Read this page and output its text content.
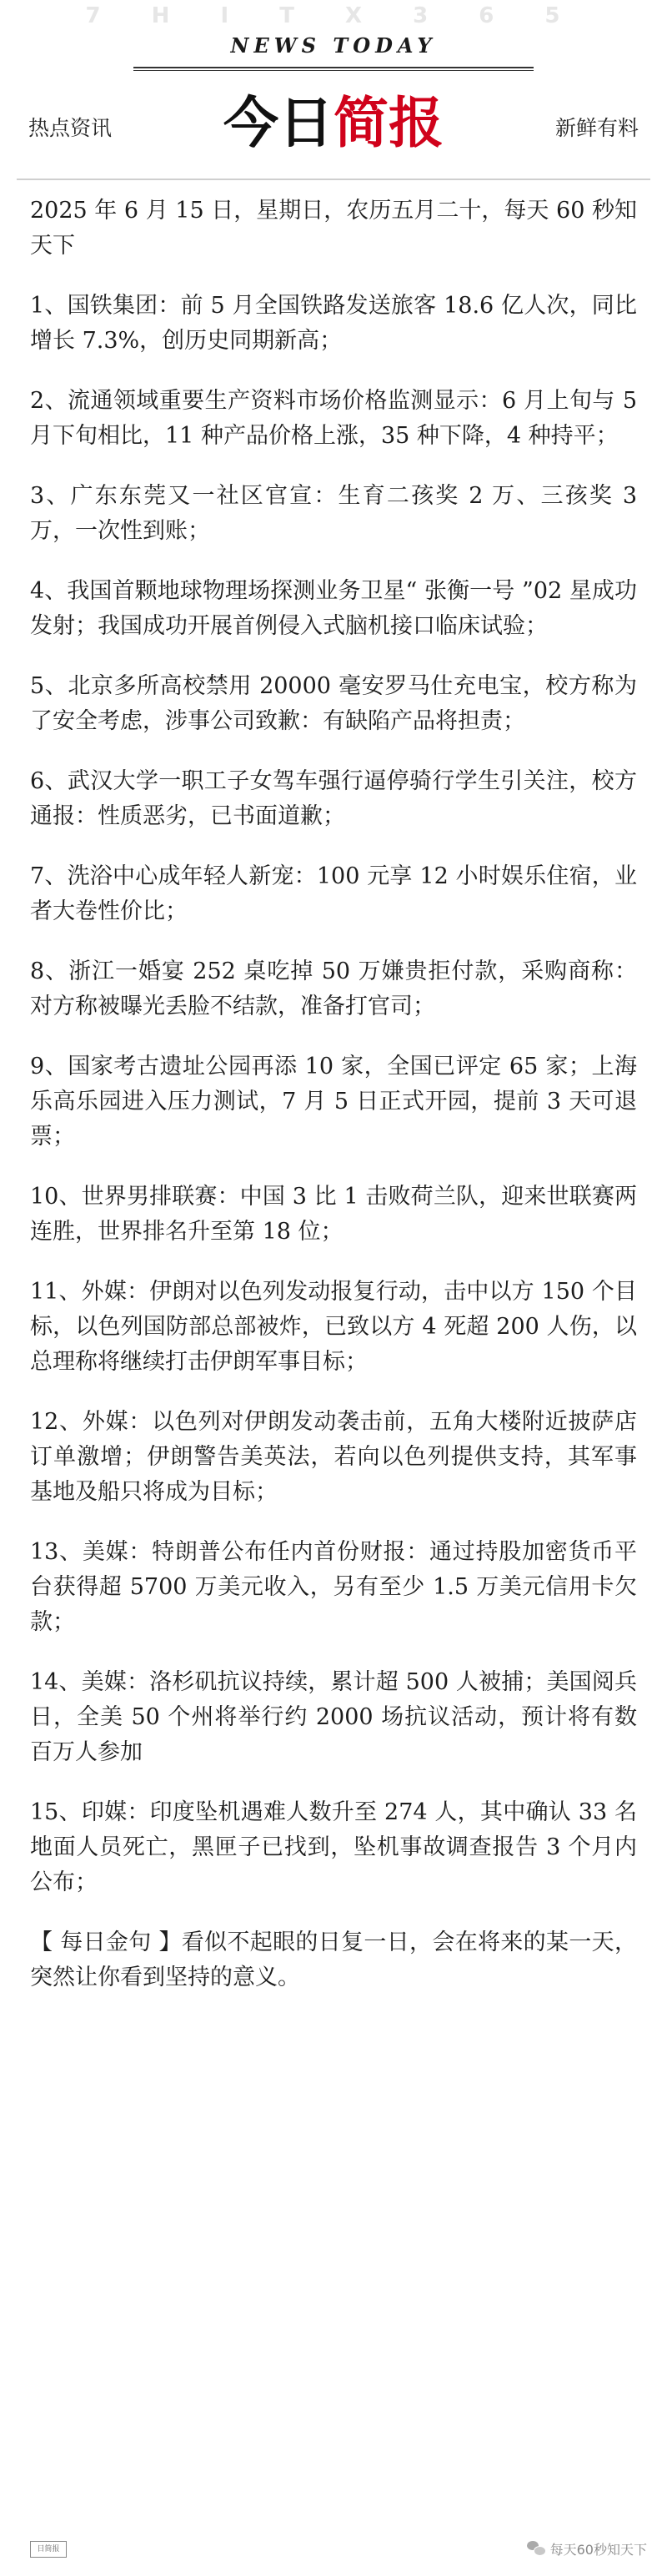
7 H I T X 3 6 5
NEWS TODAY
热点资讯	今日简报	新鲜有料

2025 年 6 月 15 日，星期日，农历五月二十，每天 60 秒知天下

1、国铁集团：前 5 月全国铁路发送旅客 18.6 亿人次，同比增长 7.3%，创历史同期新高；

2、流通领域重要生产资料市场价格监测显示：6 月上旬与 5 月下旬相比，11 种产品价格上涨，35 种下降，4 种持平；

3、广东东莞又一社区官宣：生育二孩奖 2 万、三孩奖 3 万，一次性到账；

4、我国首颗地球物理场探测业务卫星“ 张衡一号 ”02 星成功发射；我国成功开展首例侵入式脑机接口临床试验；

5、北京多所高校禁用 20000 毫安罗马仕充电宝，校方称为了安全考虑，涉事公司致歉：有缺陷产品将担责；

6、武汉大学一职工子女驾车强行逼停骑行学生引关注，校方通报：性质恶劣，已书面道歉；

7、洗浴中心成年轻人新宠：100 元享 12 小时娱乐住宿，业者大卷性价比；

8、浙江一婚宴 252 桌吃掉 50 万嫌贵拒付款，采购商称：对方称被曝光丢脸不结款，准备打官司；

9、国家考古遗址公园再添 10 家，全国已评定 65 家；上海乐高乐园进入压力测试，7 月 5 日正式开园，提前 3 天可退票；

10、世界男排联赛：中国 3 比 1 击败荷兰队，迎来世联赛两连胜，世界排名升至第 18 位；

11、外媒：伊朗对以色列发动报复行动，击中以方 150 个目标，以色列国防部总部被炸，已致以方 4 死超 200 人伤，以总理称将继续打击伊朗军事目标；

12、外媒：以色列对伊朗发动袭击前，五角大楼附近披萨店订单激增；伊朗警告美英法，若向以色列提供支持，其军事基地及船只将成为目标；

13、美媒：特朗普公布任内首份财报：通过持股加密货币平台获得超 5700 万美元收入，另有至少 1.5 万美元信用卡欠款；

14、美媒：洛杉矶抗议持续，累计超 500 人被捕；美国阅兵日，全美 50 个州将举行约 2000 场抗议活动，预计将有数百万人参加

15、印媒：印度坠机遇难人数升至 274 人，其中确认 33 名地面人员死亡，黑匣子已找到，坠机事故调查报告 3 个月内公布；

【 每日金句 】看似不起眼的日复一日，会在将来的某一天，突然让你看到坚持的意义。

日简报	每天60秒知天下
